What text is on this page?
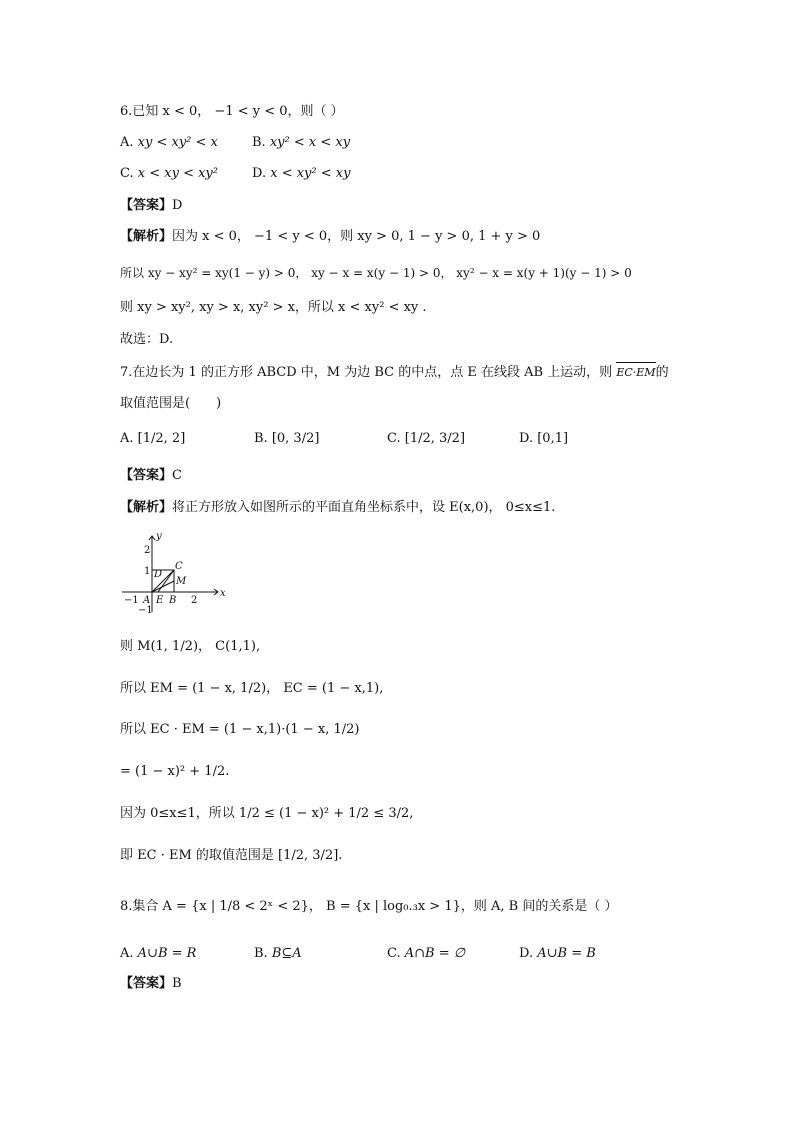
6.已知 x < 0， −1 < y < 0，则（ ）
A. xy < xy² < x	B. xy² < x < xy
C. x < xy < xy²	D. x < xy² < xy
【答案】D
【解析】因为 x < 0， −1 < y < 0，则 xy > 0, 1 − y > 0, 1 + y > 0
所以 xy − xy² = xy(1 − y) > 0， xy − x = x(y − 1) > 0， xy² − x = x(y + 1)(y − 1) > 0
则 xy > xy², xy > x, xy² > x，所以 x < xy² < xy .
故选：D.
7.在边长为 1 的正方形 ABCD 中，M 为边 BC 的中点，点 E 在线段 AB 上运动，则 EC·EM的
取值范围是(　　)
A. [1/2, 2]	B. [0, 3/2]	C. [1/2, 3/2]	D. [0,1]
【答案】C
【解析】将正方形放入如图所示的平面直角坐标系中，设 E(x,0)， 0≤x≤1.
y
x
D
C
M
A E B
2
1
−1
−1	2
则 M(1, 1/2)， C(1,1),
所以 EM = (1 − x, 1/2)， EC = (1 − x,1),
所以 EC · EM = (1 − x,1)·(1 − x, 1/2)
= (1 − x)² + 1/2.
因为 0≤x≤1，所以 1/2 ≤ (1 − x)² + 1/2 ≤ 3/2,
即 EC · EM 的取值范围是 [1/2, 3/2].
8.集合 A = {x | 1/8 < 2ˣ < 2}， B = {x | log₀.₃x > 1}，则 A, B 间的关系是（ ）
A. A∪B = R	B. B⊆A	C. A∩B = ∅	D. A∪B = B
【答案】B
